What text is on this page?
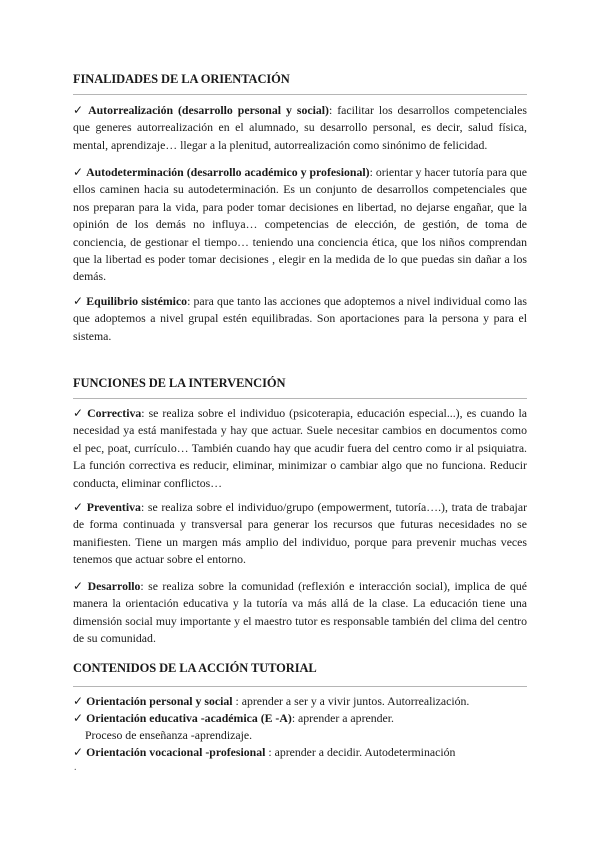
FINALIDADES DE LA ORIENTACIÓN
✓ Autorrealización (desarrollo personal y social): facilitar los desarrollos competenciales que generes autorrealización en el alumnado, su desarrollo personal, es decir, salud física, mental, aprendizaje… llegar a la plenitud, autorrealización como sinónimo de felicidad.
✓ Autodeterminación (desarrollo académico y profesional): orientar y hacer tutoría para que ellos caminen hacia su autodeterminación. Es un conjunto de desarrollos competenciales que nos preparan para la vida, para poder tomar decisiones en libertad, no dejarse engañar, que la opinión de los demás no influya… competencias de elección, de gestión, de toma de conciencia, de gestionar el tiempo… teniendo una conciencia ética, que los niños comprendan que la libertad es poder tomar decisiones , elegir en la medida de lo que puedas sin dañar a los demás.
✓ Equilibrio sistémico: para que tanto las acciones que adoptemos a nivel individual como las que adoptemos a nivel grupal estén equilibradas. Son aportaciones para la persona y para el sistema.
FUNCIONES DE LA INTERVENCIÓN
✓ Correctiva: se realiza sobre el individuo (psicoterapia, educación especial...), es cuando la necesidad ya está manifestada y hay que actuar. Suele necesitar cambios en documentos como el pec, poat, currículo… También cuando hay que acudir fuera del centro como ir al psiquiatra. La función correctiva es reducir, eliminar, minimizar o cambiar algo que no funciona. Reducir conducta, eliminar conflictos…
✓ Preventiva: se realiza sobre el individuo/grupo (empowerment, tutoría….), trata de trabajar de forma continuada y transversal para generar los recursos que futuras necesidades no se manifiesten. Tiene un margen más amplio del individuo, porque para prevenir muchas veces tenemos que actuar sobre el entorno.
✓ Desarrollo: se realiza sobre la comunidad (reflexión e interacción social), implica de qué manera la orientación educativa y la tutoría va más allá de la clase. La educación tiene una dimensión social muy importante y el maestro tutor es responsable también del clima del centro de su comunidad.
CONTENIDOS DE LA ACCIÓN TUTORIAL
✓ Orientación personal y social : aprender a ser y a vivir juntos. Autorrealización.
✓ Orientación educativa -académica (E -A): aprender a aprender.
Proceso de enseñanza -aprendizaje.
✓ Orientación vocacional -profesional : aprender a decidir. Autodeterminación
.
